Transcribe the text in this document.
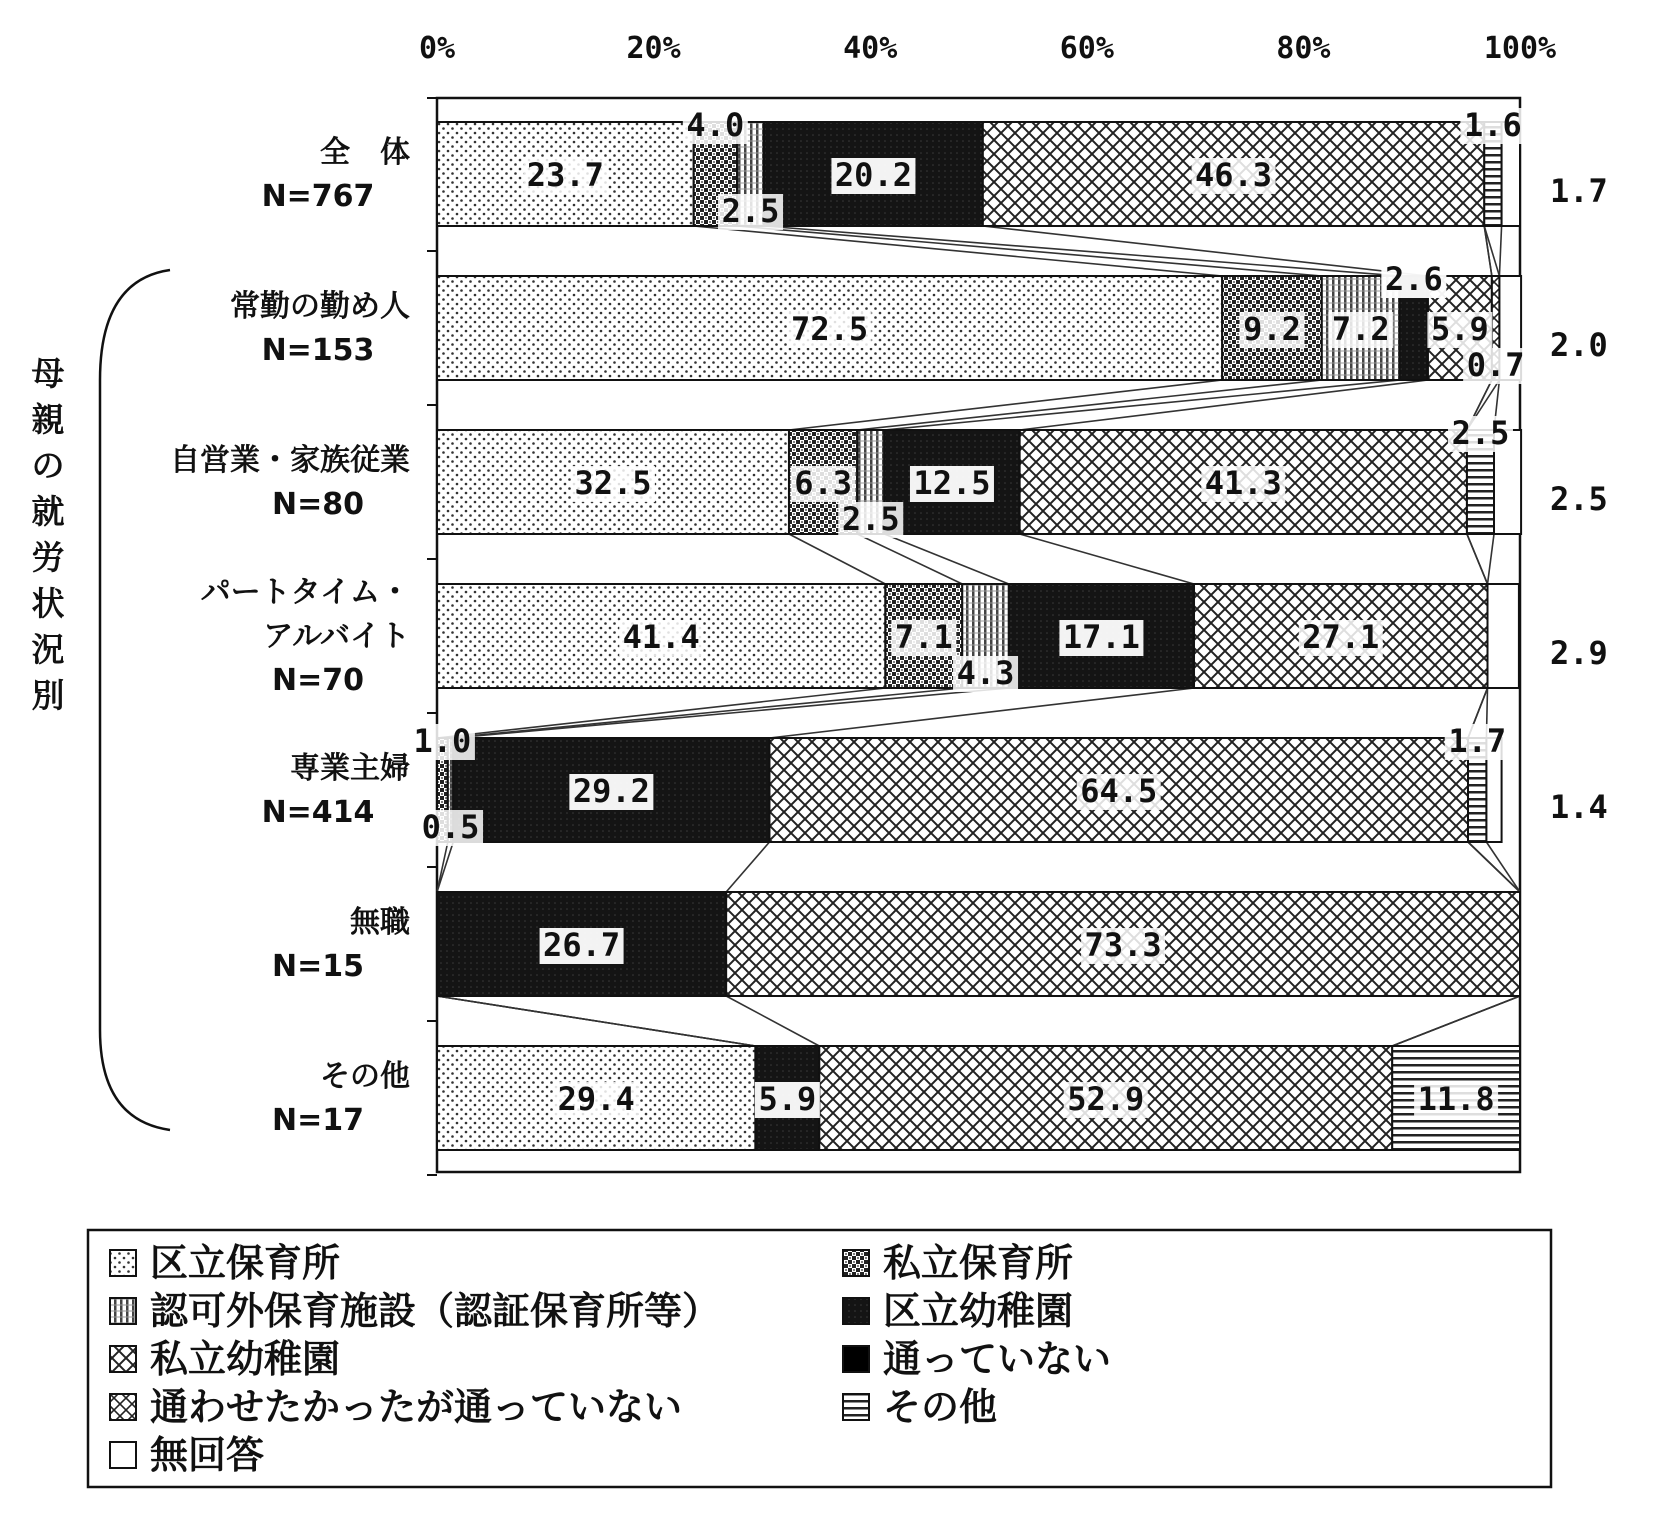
0%	20%	40%	60%	80%	100%
23.7
4.0
2.5
20.2	46.3
1.6
1.7
72.5	9.2 7.2
2.6
5.9
0.7
2.0
32.5	6.3
2.5
12.5	41.3
2.5
2.5
41.4	7.1
4.3
17.1	27.1	2.9
1.0
0.5
29.2	64.5
1.7
1.4
26.7	73.3
29.4	5.9	52.9	11.8
全　体
N=767
常勤の勤め人
N=153
自営業・家族従業
N=80
パートタイム・
アルバイト
N=70
専業主婦
N=414
無職
N=15
その他
N=17
母
親
の
就
労
状
況
別
区立保育所	私立保育所
認可外保育施設（認証保育所等）	区立幼稚園
私立幼稚園	通っていない
通わせたかったが通っていない	その他
無回答
